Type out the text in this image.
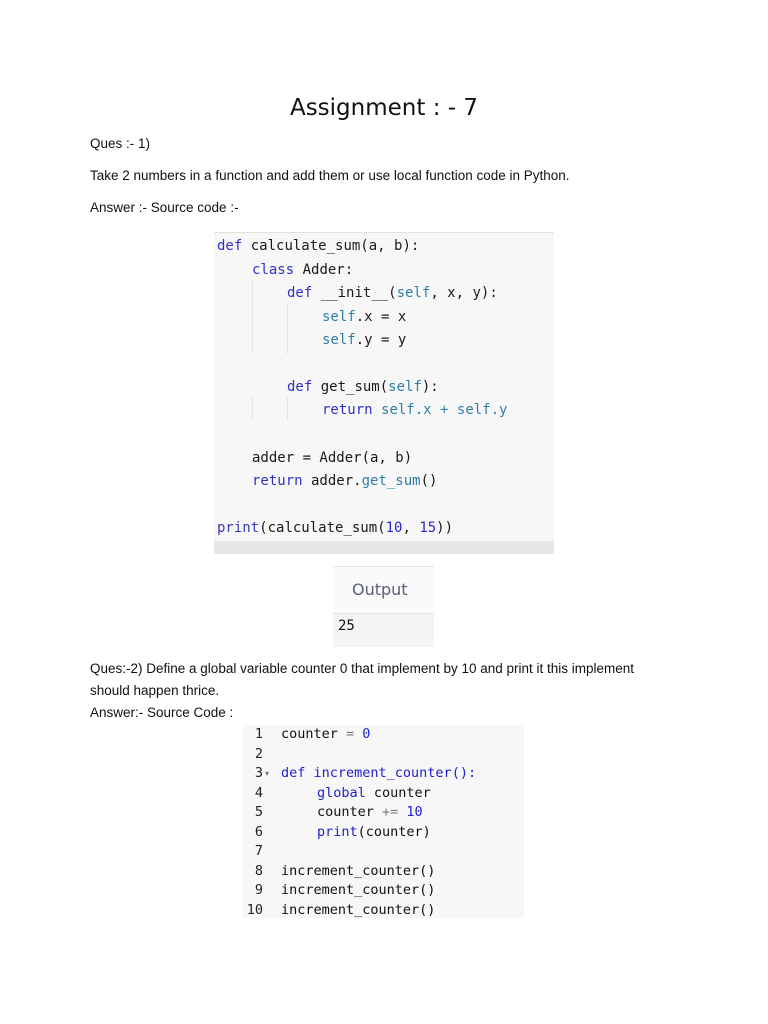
Assignment : - 7
Ques :- 1)
Take 2 numbers in a function and add them or use local function code in Python.
Answer :- Source code :-
def calculate_sum(a, b):
class Adder:
def __init__(self, x, y):
self.x = x
self.y = y
def get_sum(self):
return self.x + self.y
adder = Adder(a, b)
return adder.get_sum()
print(calculate_sum(10, 15))
Output
25
Ques:-2) Define a global variable counter 0 that implement by 10 and print it this implement
should happen thrice.
Answer:- Source Code :
1 counter = 0
2
3 ▾ def increment_counter():
4	global counter
5	counter += 10
6	print(counter)
7
8 increment_counter()
9 increment_counter()
10 increment_counter()
